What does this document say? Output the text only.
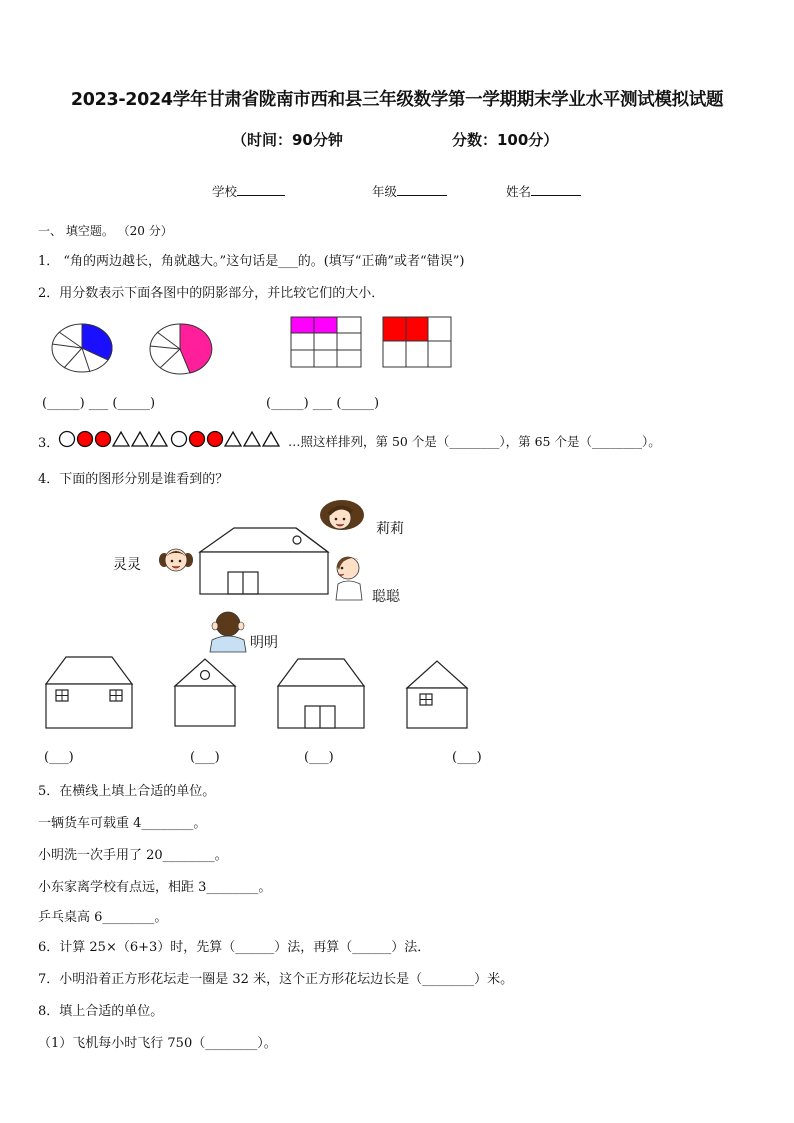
2023-2024学年甘肃省陇南市西和县三年级数学第一学期期末学业水平测试模拟试题
（时间：90分钟	分数：100分）
学校	年级	姓名
一、 填空题。 （20 分）
1． “角的两边越长，角就越大。”这句话是___的。(填写“正确”或者“错误”)
2．用分数表示下面各图中的阴影部分，并比较它们的大小．
(_____) ___ (_____)	(_____) ___ (_____)
3．	…照这样排列，第 50 个是（________），第 65 个是（________）。
4．下面的图形分别是谁看到的？
灵灵
莉莉
聪聪
明明
(___)	(___)	(___)	(___)
5．在横线上填上合适的单位。
一辆货车可载重 4________。
小明洗一次手用了 20________。
小东家离学校有点远，相距 3________。
乒乓桌高 6________。
6．计算 25×（6+3）时，先算（______）法，再算（______）法．
7．小明沿着正方形花坛走一圈是 32 米，这个正方形花坛边长是（________）米。
8．填上合适的单位。
（1）飞机每小时飞行 750（________）。
